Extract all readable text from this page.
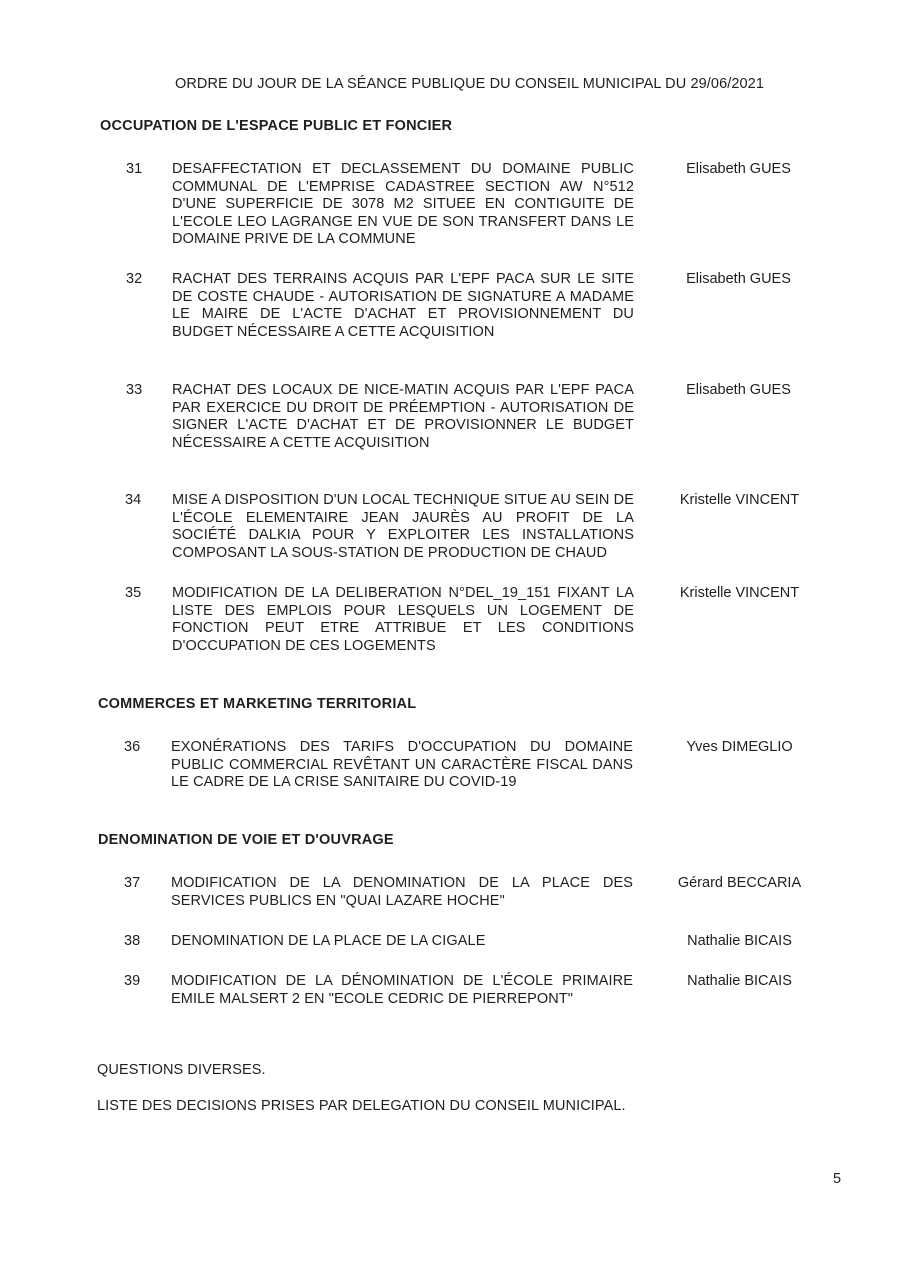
ORDRE DU JOUR DE LA SÉANCE PUBLIQUE DU CONSEIL MUNICIPAL DU 29/06/2021
OCCUPATION DE L'ESPACE PUBLIC ET FONCIER
31	DESAFFECTATION ET DECLASSEMENT DU DOMAINE PUBLIC COMMUNAL DE L'EMPRISE CADASTREE SECTION AW N°512 D'UNE SUPERFICIE DE 3078 M2 SITUEE EN CONTIGUITE DE L'ECOLE LEO LAGRANGE EN VUE DE SON TRANSFERT DANS LE DOMAINE PRIVE DE LA COMMUNE
Elisabeth GUES
32	RACHAT DES TERRAINS ACQUIS PAR L'EPF PACA SUR LE SITE DE COSTE CHAUDE - AUTORISATION DE SIGNATURE A MADAME LE MAIRE DE L'ACTE D'ACHAT ET PROVISIONNEMENT DU BUDGET NÉCESSAIRE A CETTE ACQUISITION
Elisabeth GUES
33	RACHAT DES LOCAUX DE NICE-MATIN ACQUIS PAR L'EPF PACA PAR EXERCICE DU DROIT DE PRÉEMPTION - AUTORISATION DE SIGNER L'ACTE D'ACHAT ET DE PROVISIONNER LE BUDGET NÉCESSAIRE A CETTE ACQUISITION
Elisabeth GUES
34	MISE A DISPOSITION D'UN LOCAL TECHNIQUE SITUE AU SEIN DE L'ÉCOLE ELEMENTAIRE JEAN JAURÈS AU PROFIT DE LA SOCIÉTÉ DALKIA POUR Y EXPLOITER LES INSTALLATIONS COMPOSANT LA SOUS-STATION DE PRODUCTION DE CHAUD
Kristelle VINCENT
35	MODIFICATION DE LA DELIBERATION N°DEL_19_151 FIXANT LA LISTE DES EMPLOIS POUR LESQUELS UN LOGEMENT DE FONCTION PEUT ETRE ATTRIBUE ET LES CONDITIONS D'OCCUPATION DE CES LOGEMENTS
Kristelle VINCENT
COMMERCES ET MARKETING TERRITORIAL
36	EXONÉRATIONS DES TARIFS D'OCCUPATION DU DOMAINE PUBLIC COMMERCIAL REVÊTANT UN CARACTÈRE FISCAL DANS LE CADRE DE LA CRISE SANITAIRE DU COVID-19
Yves DIMEGLIO
DENOMINATION DE VOIE ET D'OUVRAGE
37	MODIFICATION DE LA DENOMINATION DE LA PLACE DES SERVICES PUBLICS EN "QUAI LAZARE HOCHE"
Gérard BECCARIA
38	DENOMINATION DE LA PLACE DE LA CIGALE	Nathalie BICAIS
39	MODIFICATION DE LA DÉNOMINATION DE L'ÉCOLE PRIMAIRE EMILE MALSERT 2 EN "ECOLE CEDRIC DE PIERREPONT"
Nathalie BICAIS
QUESTIONS DIVERSES.
LISTE DES DECISIONS PRISES PAR DELEGATION DU CONSEIL MUNICIPAL.
5
